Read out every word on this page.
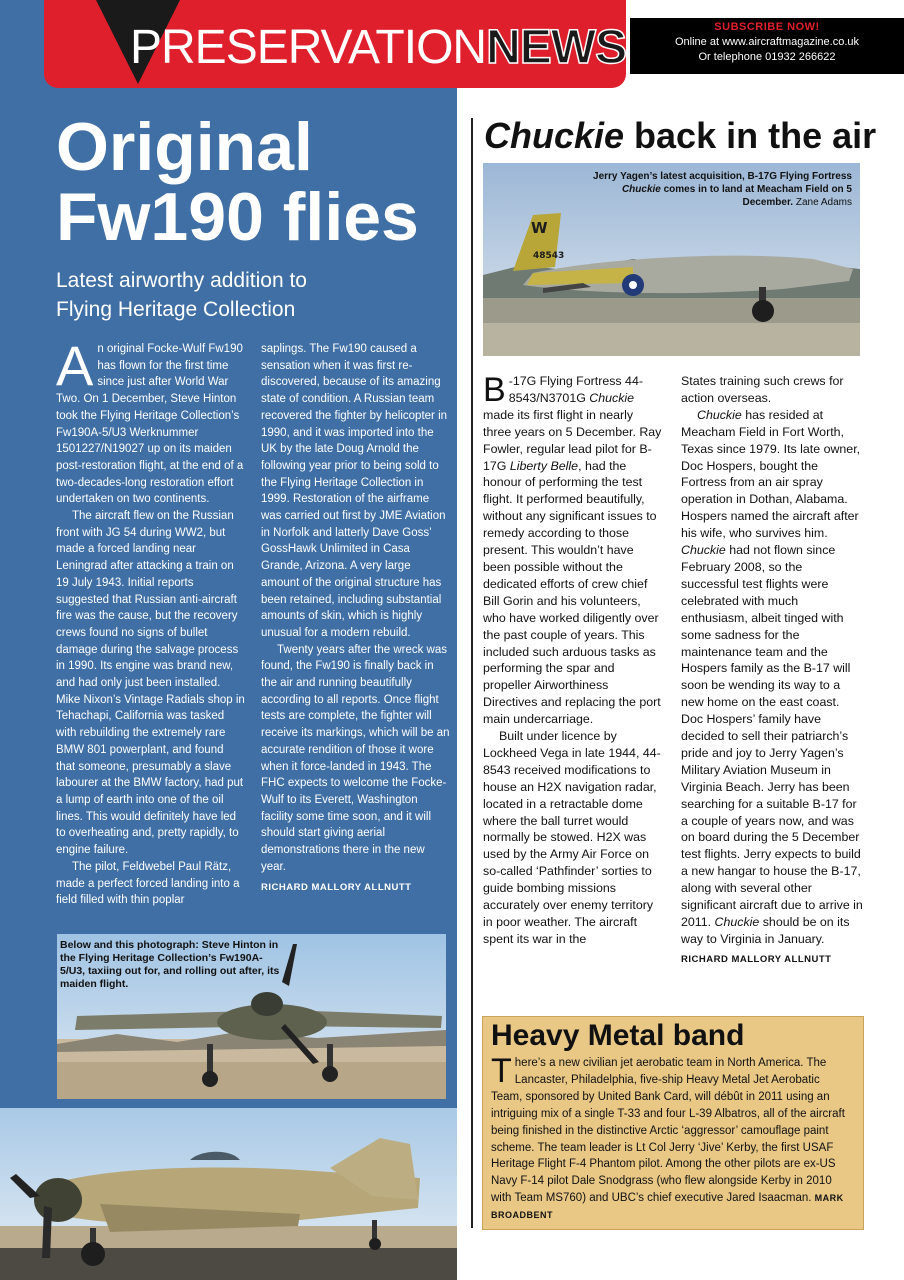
PRESERVATIONNEWS	SUBSCRIBE NOW!
Online at www.aircraftmagazine.co.uk
Or telephone 01932 266622
Original
Fw190 flies

Latest airworthy addition to
Flying Heritage Collection

An original Focke-Wulf Fw190 has flown for the first time since just after World War Two. On 1 December, Steve Hinton took the Flying Heritage Collection’s Fw190A-5/U3 Werknummer 1501227/N19027 up on its maiden post-restoration flight, at the end of a two-decades-long restoration effort undertaken on two continents.

The aircraft flew on the Russian front with JG 54 during WW2, but made a forced landing near Leningrad after attacking a train on 19 July 1943. Initial reports suggested that Russian anti-aircraft fire was the cause, but the recovery crews found no signs of bullet damage during the salvage process in 1990. Its engine was brand new, and had only just been installed. Mike Nixon’s Vintage Radials shop in Tehachapi, California was tasked with rebuilding the extremely rare BMW 801 powerplant, and found that someone, presumably a slave labourer at the BMW factory, had put a lump of earth into one of the oil lines. This would definitely have led to overheating and, pretty rapidly, to engine failure.

The pilot, Feldwebel Paul Rätz, made a perfect forced landing into a field filled with thin poplar

saplings. The Fw190 caused a sensation when it was first re-discovered, because of its amazing state of condition. A Russian team recovered the fighter by helicopter in 1990, and it was imported into the UK by the late Doug Arnold the following year prior to being sold to the Flying Heritage Collection in 1999. Restoration of the airframe was carried out first by JME Aviation in Norfolk and latterly Dave Goss’ GossHawk Unlimited in Casa Grande, Arizona. A very large amount of the original structure has been retained, including substantial amounts of skin, which is highly unusual for a modern rebuild.

Twenty years after the wreck was found, the Fw190 is finally back in the air and running beautifully according to all reports. Once flight tests are complete, the fighter will receive its markings, which will be an accurate rendition of those it wore when it force-landed in 1943. The FHC expects to welcome the Focke-Wulf to its Everett, Washington facility some time soon, and it will should start giving aerial demonstrations there in the new year.

RICHARD MALLORY ALLNUTT

Below and this photograph: Steve Hinton in the Flying Heritage Collection’s Fw190A-5/U3, taxiing out for, and rolling out after, its maiden flight.
Chuckie back in the air
W
48543
Jerry Yagen’s latest acquisition, B-17G Flying Fortress Chuckie comes in to land at Meacham Field on 5 December. Zane Adams

B -17G Flying Fortress 44-8543/N3701G Chuckie made its first flight in nearly three years on 5 December. Ray Fowler, regular lead pilot for B-17G Liberty Belle, had the honour of performing the test flight. It performed beautifully, without any significant issues to remedy according to those present. This wouldn’t have been possible without the dedicated efforts of crew chief Bill Gorin and his volunteers, who have worked diligently over the past couple of years. This included such arduous tasks as performing the spar and propeller Airworthiness Directives and replacing the port main undercarriage.

Built under licence by Lockheed Vega in late 1944, 44-8543 received modifications to house an H2X navigation radar, located in a retractable dome where the ball turret would normally be stowed. H2X was used by the Army Air Force on so-called ‘Pathfinder’ sorties to guide bombing missions accurately over enemy territory in poor weather. The aircraft spent its war in the

States training such crews for action overseas.

Chuckie has resided at Meacham Field in Fort Worth, Texas since 1979. Its late owner, Doc Hospers, bought the Fortress from an air spray operation in Dothan, Alabama. Hospers named the aircraft after his wife, who survives him. Chuckie had not flown since February 2008, so the successful test flights were celebrated with much enthusiasm, albeit tinged with some sadness for the maintenance team and the Hospers family as the B-17 will soon be wending its way to a new home on the east coast. Doc Hospers’ family have decided to sell their patriarch’s pride and joy to Jerry Yagen’s Military Aviation Museum in Virginia Beach. Jerry has been searching for a suitable B-17 for a couple of years now, and was on board during the 5 December test flights. Jerry expects to build a new hangar to house the B-17, along with several other significant aircraft due to arrive in 2011. Chuckie should be on its way to Virginia in January.

RICHARD MALLORY ALLNUTT

Heavy Metal band

There’s a new civilian jet aerobatic team in North America. The Lancaster, Philadelphia, five-ship Heavy Metal Jet Aerobatic Team, sponsored by United Bank Card, will débût in 2011 using an intriguing mix of a single T-33 and four L-39 Albatros, all of the aircraft being finished in the distinctive Arctic ‘aggressor’ camouflage paint scheme. The team leader is Lt Col Jerry ‘Jive’ Kerby, the first USAF Heritage Flight F-4 Phantom pilot. Among the other pilots are ex-US Navy F-14 pilot Dale Snodgrass (who flew alongside Kerby in 2010 with Team MS760) and UBC’s chief executive Jared Isaacman. MARK BROADBENT
